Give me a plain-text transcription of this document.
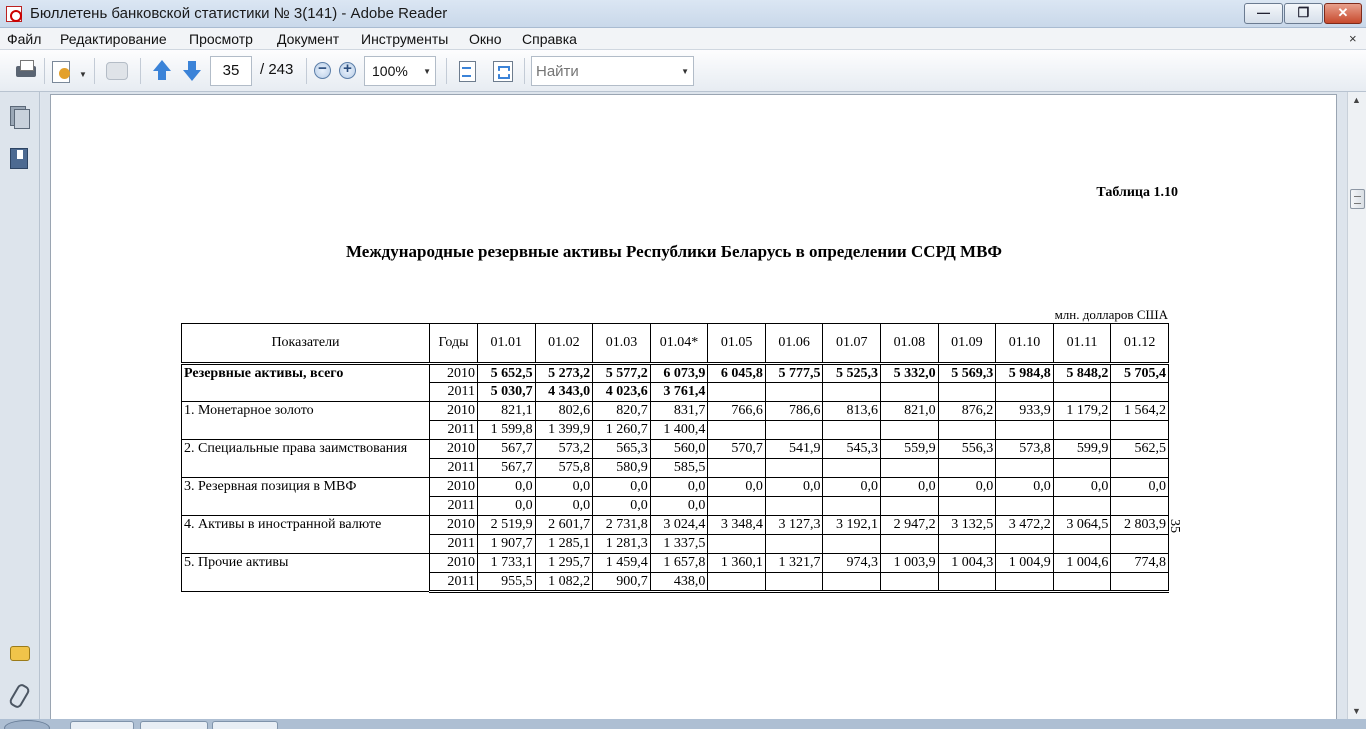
Бюллетень банковской статистики № 3(141) - Adobe Reader	—	❐	✕
Файл Редактирование Просмотр Документ Инструменты Окно Справка	×
▼	35	/ 243 − + 100% ▼
Найти	▼
Таблица 1.10
Международные резервные активы Республики Беларусь в определении ССРД МВФ
млн. долларов США
35
Показатели	Годы	01.01	01.02	01.03	01.04*	01.05	01.06	01.07	01.08	01.09	01.10	01.11	01.12
Резервные активы, всего	2010	5 652,5	5 273,2	5 577,2	6 073,9	6 045,8	5 777,5	5 525,3	5 332,0	5 569,3	5 984,8	5 848,2	5 705,4
	2011	5 030,7	4 343,0	4 023,6	3 761,4								
1. Монетарное золото	2010	821,1	802,6	820,7	831,7	766,6	786,6	813,6	821,0	876,2	933,9	1 179,2	1 564,2
	2011	1 599,8	1 399,9	1 260,7	1 400,4								
2. Специальные права заимствования	2010	567,7	573,2	565,3	560,0	570,7	541,9	545,3	559,9	556,3	573,8	599,9	562,5
	2011	567,7	575,8	580,9	585,5								
3. Резервная позиция в МВФ	2010	0,0	0,0	0,0	0,0	0,0	0,0	0,0	0,0	0,0	0,0	0,0	0,0
	2011	0,0	0,0	0,0	0,0								
4. Активы в иностранной валюте	2010	2 519,9	2 601,7	2 731,8	3 024,4	3 348,4	3 127,3	3 192,1	2 947,2	3 132,5	3 472,2	3 064,5	2 803,9
	2011	1 907,7	1 285,1	1 281,3	1 337,5								
5. Прочие активы	2010	1 733,1	1 295,7	1 459,4	1 657,8	1 360,1	1 321,7	974,3	1 003,9	1 004,3	1 004,9	1 004,6	774,8
	2011	955,5	1 082,2	900,7	438,0								
▲
▼
